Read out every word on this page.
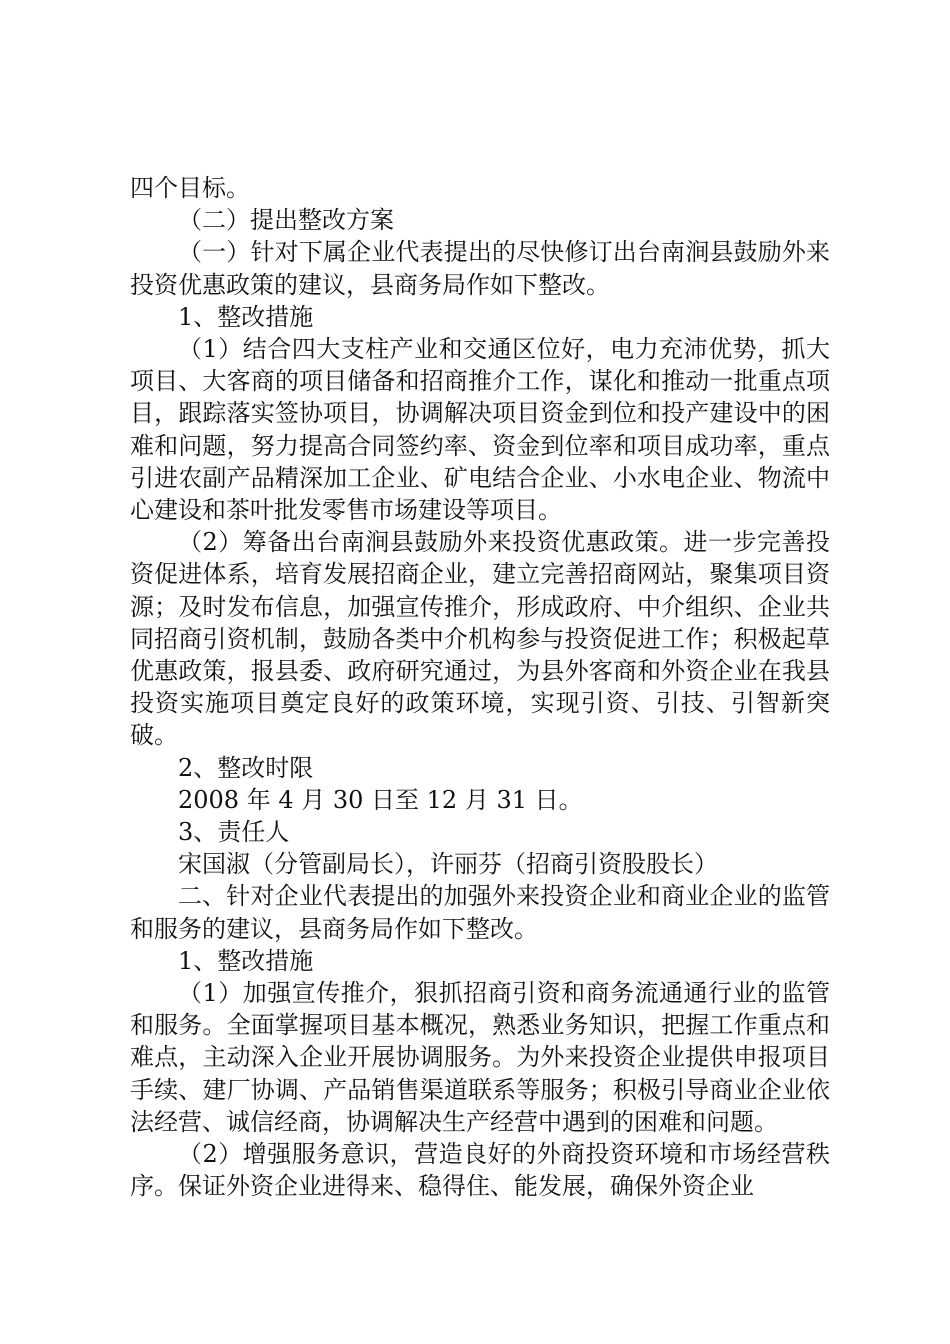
四个目标。

（二）提出整改方案

（一）针对下属企业代表提出的尽快修订出台南涧县鼓励外来投资优惠政策的建议，县商务局作如下整改。

1、整改措施

（1）结合四大支柱产业和交通区位好，电力充沛优势，抓大项目、大客商的项目储备和招商推介工作，谋化和推动一批重点项目，跟踪落实签协项目，协调解决项目资金到位和投产建设中的困难和问题，努力提高合同签约率、资金到位率和项目成功率，重点引进农副产品精深加工企业、矿电结合企业、小水电企业、物流中心建设和茶叶批发零售市场建设等项目。

（2）筹备出台南涧县鼓励外来投资优惠政策。进一步完善投资促进体系，培育发展招商企业，建立完善招商网站，聚集项目资源；及时发布信息，加强宣传推介，形成政府、中介组织、企业共同招商引资机制，鼓励各类中介机构参与投资促进工作；积极起草优惠政策，报县委、政府研究通过，为县外客商和外资企业在我县投资实施项目奠定良好的政策环境，实现引资、引技、引智新突破。

2、整改时限

2008 年 4 月 30 日至 12 月 31 日。

3、责任人

宋国淑（分管副局长），许丽芬（招商引资股股长）

二、针对企业代表提出的加强外来投资企业和商业企业的监管和服务的建议，县商务局作如下整改。

1、整改措施

（1）加强宣传推介，狠抓招商引资和商务流通通行业的监管和服务。全面掌握项目基本概况，熟悉业务知识，把握工作重点和难点，主动深入企业开展协调服务。为外来投资企业提供申报项目手续、建厂协调、产品销售渠道联系等服务；积极引导商业企业依法经营、诚信经商，协调解决生产经营中遇到的困难和问题。

（2）增强服务意识，营造良好的外商投资环境和市场经营秩序。保证外资企业进得来、稳得住、能发展，确保外资企业
